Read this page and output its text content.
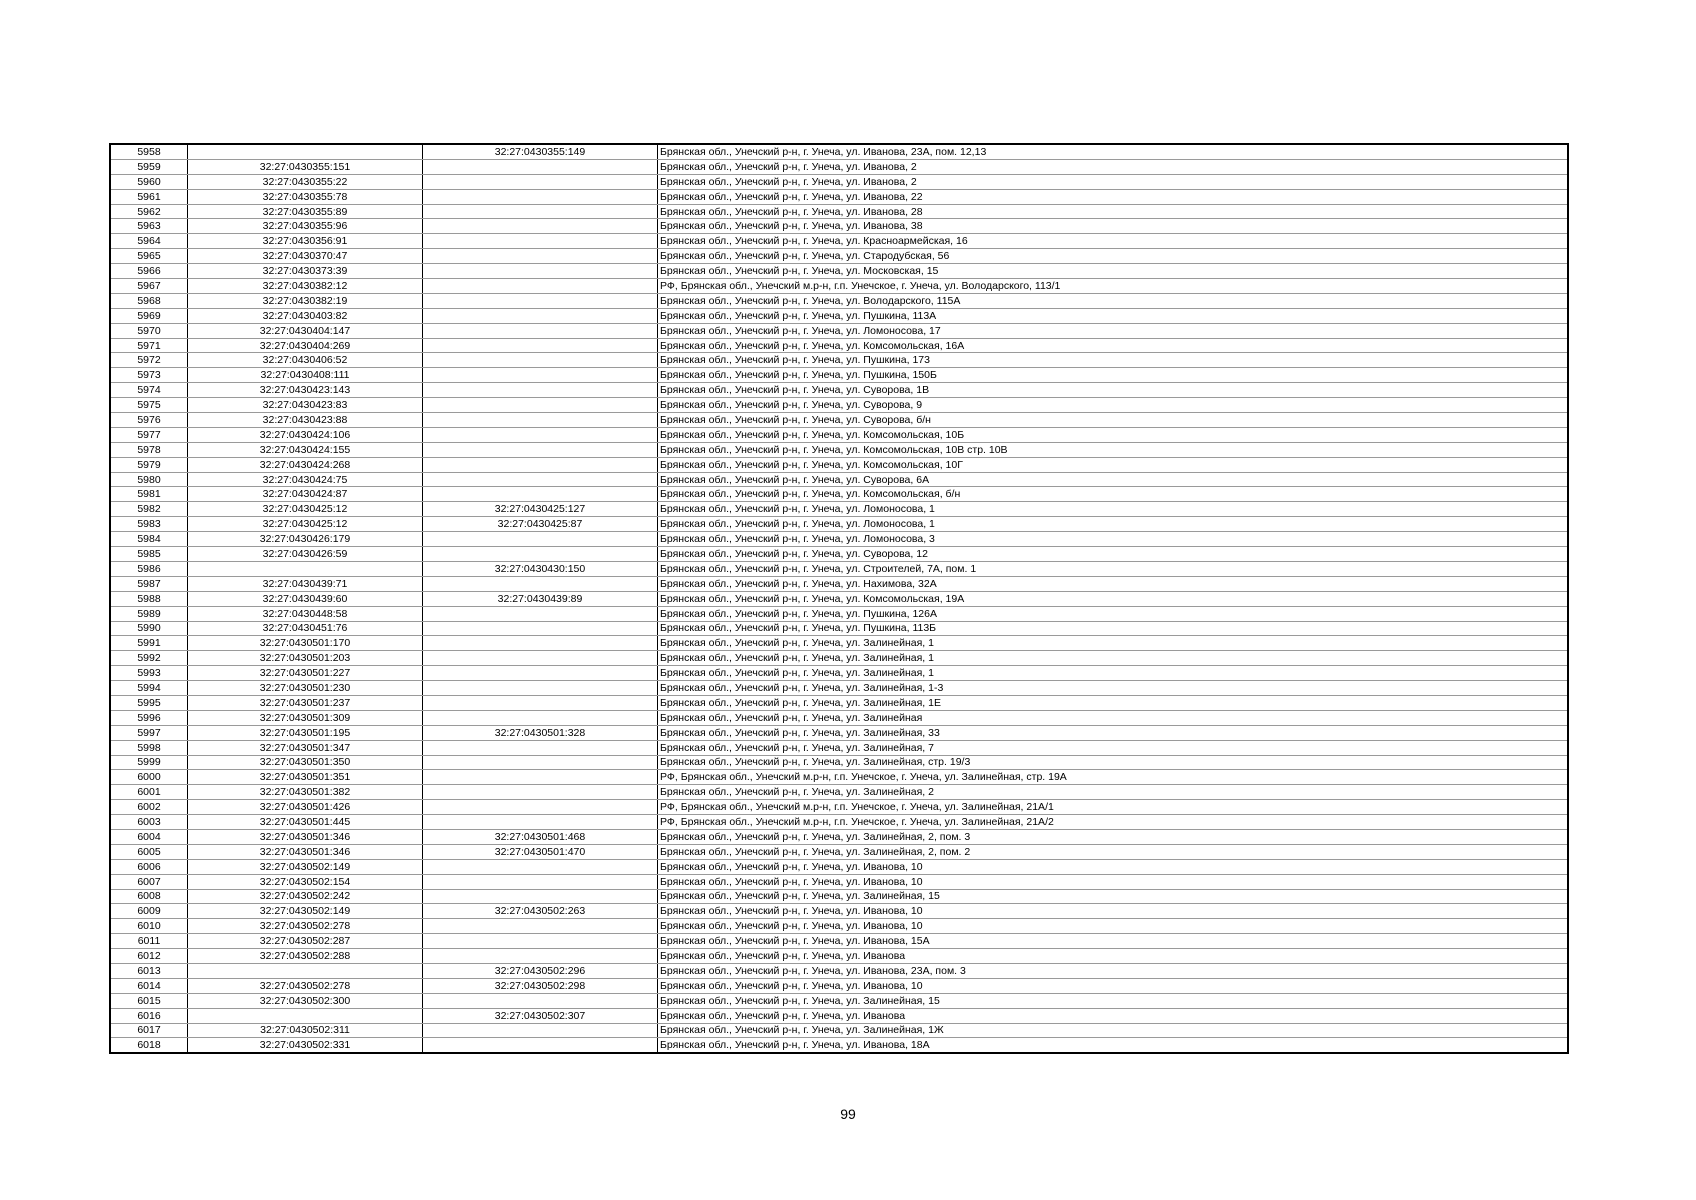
5958		32:27:0430355:149	Брянская обл., Унечский р-н, г. Унеча, ул. Иванова, 23А, пом. 12,13
5959	32:27:0430355:151		Брянская обл., Унечский р-н, г. Унеча, ул. Иванова, 2
5960	32:27:0430355:22		Брянская обл., Унечский р-н, г. Унеча, ул. Иванова, 2
5961	32:27:0430355:78		Брянская обл., Унечский р-н, г. Унеча, ул. Иванова, 22
5962	32:27:0430355:89		Брянская обл., Унечский р-н, г. Унеча, ул. Иванова, 28
5963	32:27:0430355:96		Брянская обл., Унечский р-н, г. Унеча, ул. Иванова, 38
5964	32:27:0430356:91		Брянская обл., Унечский р-н, г. Унеча, ул. Красноармейская, 16
5965	32:27:0430370:47		Брянская обл., Унечский р-н, г. Унеча, ул. Стародубская, 56
5966	32:27:0430373:39		Брянская обл., Унечский р-н, г. Унеча, ул. Московская, 15
5967	32:27:0430382:12		РФ, Брянская обл., Унечский м.р-н, г.п. Унечское, г. Унеча, ул. Володарского, 113/1
5968	32:27:0430382:19		Брянская обл., Унечский р-н, г. Унеча, ул. Володарского, 115А
5969	32:27:0430403:82		Брянская обл., Унечский р-н, г. Унеча, ул. Пушкина, 113А
5970	32:27:0430404:147		Брянская обл., Унечский р-н, г. Унеча, ул. Ломоносова, 17
5971	32:27:0430404:269		Брянская обл., Унечский р-н, г. Унеча, ул. Комсомольская, 16А
5972	32:27:0430406:52		Брянская обл., Унечский р-н, г. Унеча, ул. Пушкина, 173
5973	32:27:0430408:111		Брянская обл., Унечский р-н, г. Унеча, ул. Пушкина, 150Б
5974	32:27:0430423:143		Брянская обл., Унечский р-н, г. Унеча, ул. Суворова, 1В
5975	32:27:0430423:83		Брянская обл., Унечский р-н, г. Унеча, ул. Суворова, 9
5976	32:27:0430423:88		Брянская обл., Унечский р-н, г. Унеча, ул. Суворова, б/н
5977	32:27:0430424:106		Брянская обл., Унечский р-н, г. Унеча, ул. Комсомольская, 10Б
5978	32:27:0430424:155		Брянская обл., Унечский р-н, г. Унеча, ул. Комсомольская, 10В стр. 10В
5979	32:27:0430424:268		Брянская обл., Унечский р-н, г. Унеча, ул. Комсомольская, 10Г
5980	32:27:0430424:75		Брянская обл., Унечский р-н, г. Унеча, ул. Суворова, 6А
5981	32:27:0430424:87		Брянская обл., Унечский р-н, г. Унеча, ул. Комсомольская, б/н
5982	32:27:0430425:12	32:27:0430425:127	Брянская обл., Унечский р-н, г. Унеча, ул. Ломоносова, 1
5983	32:27:0430425:12	32:27:0430425:87	Брянская обл., Унечский р-н, г. Унеча, ул. Ломоносова, 1
5984	32:27:0430426:179		Брянская обл., Унечский р-н, г. Унеча, ул. Ломоносова, 3
5985	32:27:0430426:59		Брянская обл., Унечский р-н, г. Унеча, ул. Суворова, 12
5986		32:27:0430430:150	Брянская обл., Унечский р-н, г. Унеча, ул. Строителей, 7А, пом. 1
5987	32:27:0430439:71		Брянская обл., Унечский р-н, г. Унеча, ул. Нахимова, 32А
5988	32:27:0430439:60	32:27:0430439:89	Брянская обл., Унечский р-н, г. Унеча, ул. Комсомольская, 19А
5989	32:27:0430448:58		Брянская обл., Унечский р-н, г. Унеча, ул. Пушкина, 126А
5990	32:27:0430451:76		Брянская обл., Унечский р-н, г. Унеча, ул. Пушкина, 113Б
5991	32:27:0430501:170		Брянская обл., Унечский р-н, г. Унеча, ул. Залинейная, 1
5992	32:27:0430501:203		Брянская обл., Унечский р-н, г. Унеча, ул. Залинейная, 1
5993	32:27:0430501:227		Брянская обл., Унечский р-н, г. Унеча, ул. Залинейная, 1
5994	32:27:0430501:230		Брянская обл., Унечский р-н, г. Унеча, ул. Залинейная, 1-3
5995	32:27:0430501:237		Брянская обл., Унечский р-н, г. Унеча, ул. Залинейная, 1Е
5996	32:27:0430501:309		Брянская обл., Унечский р-н, г. Унеча, ул. Залинейная
5997	32:27:0430501:195	32:27:0430501:328	Брянская обл., Унечский р-н, г. Унеча, ул. Залинейная, 33
5998	32:27:0430501:347		Брянская обл., Унечский р-н, г. Унеча, ул. Залинейная, 7
5999	32:27:0430501:350		Брянская обл., Унечский р-н, г. Унеча, ул. Залинейная, стр. 19/3
6000	32:27:0430501:351		РФ, Брянская обл., Унечский м.р-н, г.п. Унечское, г. Унеча, ул. Залинейная, стр. 19А
6001	32:27:0430501:382		Брянская обл., Унечский р-н, г. Унеча, ул. Залинейная, 2
6002	32:27:0430501:426		РФ, Брянская обл., Унечский м.р-н, г.п. Унечское, г. Унеча, ул. Залинейная, 21А/1
6003	32:27:0430501:445		РФ, Брянская обл., Унечский м.р-н, г.п. Унечское, г. Унеча, ул. Залинейная, 21А/2
6004	32:27:0430501:346	32:27:0430501:468	Брянская обл., Унечский р-н, г. Унеча, ул. Залинейная, 2, пом. 3
6005	32:27:0430501:346	32:27:0430501:470	Брянская обл., Унечский р-н, г. Унеча, ул. Залинейная, 2, пом. 2
6006	32:27:0430502:149		Брянская обл., Унечский р-н, г. Унеча, ул. Иванова, 10
6007	32:27:0430502:154		Брянская обл., Унечский р-н, г. Унеча, ул. Иванова, 10
6008	32:27:0430502:242		Брянская обл., Унечский р-н, г. Унеча, ул. Залинейная, 15
6009	32:27:0430502:149	32:27:0430502:263	Брянская обл., Унечский р-н, г. Унеча, ул. Иванова, 10
6010	32:27:0430502:278		Брянская обл., Унечский р-н, г. Унеча, ул. Иванова, 10
6011	32:27:0430502:287		Брянская обл., Унечский р-н, г. Унеча, ул. Иванова, 15А
6012	32:27:0430502:288		Брянская обл., Унечский р-н, г. Унеча, ул. Иванова
6013		32:27:0430502:296	Брянская обл., Унечский р-н, г. Унеча, ул. Иванова, 23А, пом. 3
6014	32:27:0430502:278	32:27:0430502:298	Брянская обл., Унечский р-н, г. Унеча, ул. Иванова, 10
6015	32:27:0430502:300		Брянская обл., Унечский р-н, г. Унеча, ул. Залинейная, 15
6016		32:27:0430502:307	Брянская обл., Унечский р-н, г. Унеча, ул. Иванова
6017	32:27:0430502:311		Брянская обл., Унечский р-н, г. Унеча, ул. Залинейная, 1Ж
6018	32:27:0430502:331		Брянская обл., Унечский р-н, г. Унеча, ул. Иванова, 18А
99
